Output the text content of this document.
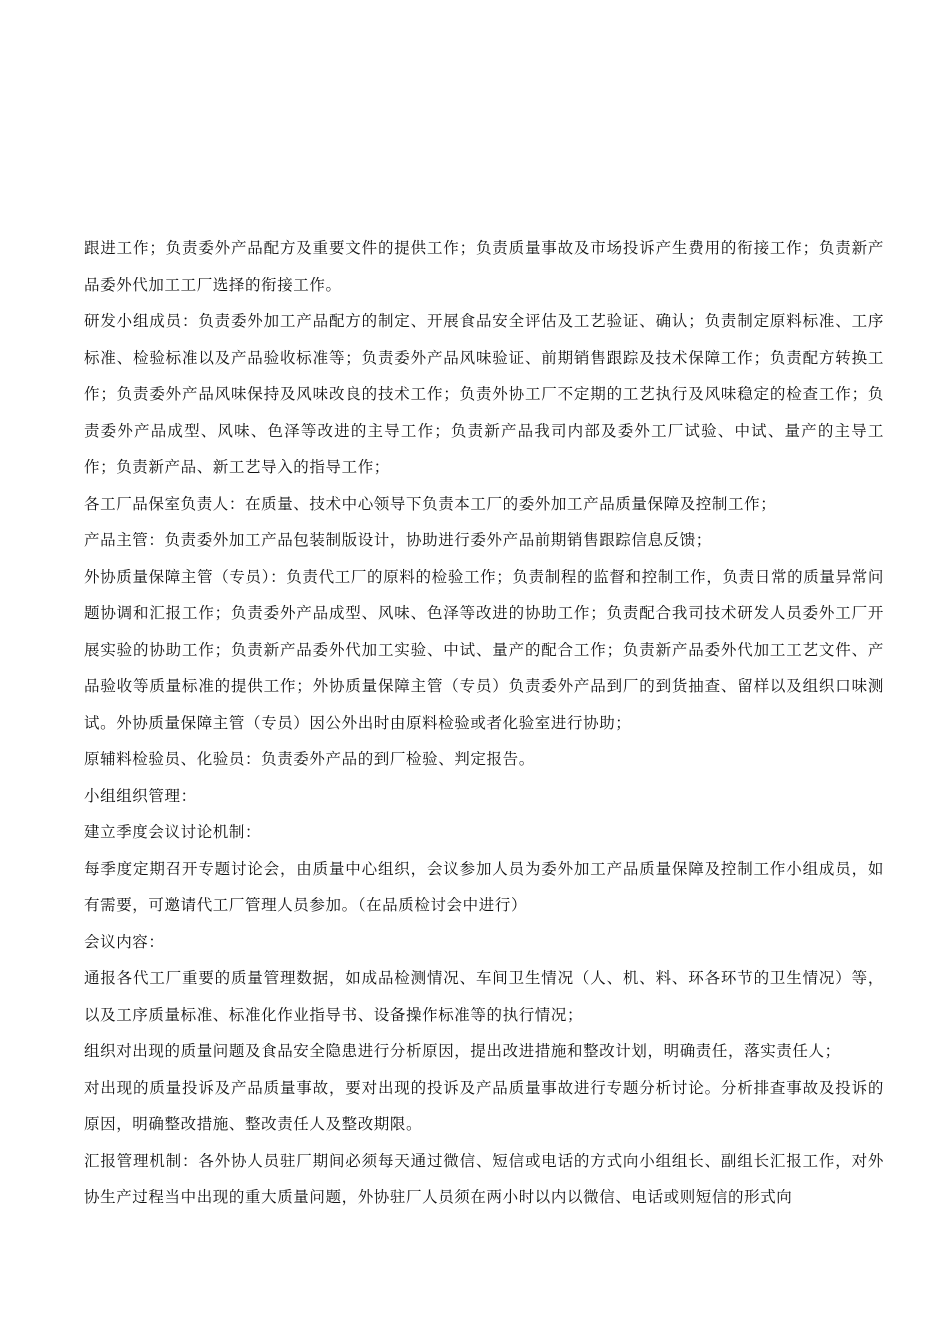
跟进工作；负责委外产品配方及重要文件的提供工作；负责质量事故及市场投诉产生费用的衔接工作；负责新产品委外代加工工厂选择的衔接工作。

研发小组成员：负责委外加工产品配方的制定、开展食品安全评估及工艺验证、确认；负责制定原料标准、工序标准、检验标准以及产品验收标准等；负责委外产品风味验证、前期销售跟踪及技术保障工作；负责配方转换工作；负责委外产品风味保持及风味改良的技术工作；负责外协工厂不定期的工艺执行及风味稳定的检查工作；负责委外产品成型、风味、色泽等改进的主导工作；负责新产品我司内部及委外工厂试验、中试、量产的主导工作；负责新产品、新工艺导入的指导工作；

各工厂品保室负责人：在质量、技术中心领导下负责本工厂的委外加工产品质量保障及控制工作；

产品主管：负责委外加工产品包装制版设计，协助进行委外产品前期销售跟踪信息反馈；

外协质量保障主管（专员）：负责代工厂的原料的检验工作；负责制程的监督和控制工作，负责日常的质量异常问题协调和汇报工作；负责委外产品成型、风味、色泽等改进的协助工作；负责配合我司技术研发人员委外工厂开展实验的协助工作；负责新产品委外代加工实验、中试、量产的配合工作；负责新产品委外代加工工艺文件、产品验收等质量标准的提供工作；外协质量保障主管（专员）负责委外产品到厂的到货抽查、留样以及组织口味测试。外协质量保障主管（专员）因公外出时由原料检验或者化验室进行协助；

原辅料检验员、化验员：负责委外产品的到厂检验、判定报告。

小组组织管理：

建立季度会议讨论机制：

每季度定期召开专题讨论会，由质量中心组织，会议参加人员为委外加工产品质量保障及控制工作小组成员，如有需要，可邀请代工厂管理人员参加。（在品质检讨会中进行）

会议内容：

通报各代工厂重要的质量管理数据，如成品检测情况、车间卫生情况（人、机、料、环各环节的卫生情况）等，以及工序质量标准、标准化作业指导书、设备操作标准等的执行情况；

组织对出现的质量问题及食品安全隐患进行分析原因，提出改进措施和整改计划，明确责任，落实责任人；

对出现的质量投诉及产品质量事故，要对出现的投诉及产品质量事故进行专题分析讨论。分析排查事故及投诉的原因，明确整改措施、整改责任人及整改期限。

汇报管理机制：各外协人员驻厂期间必须每天通过微信、短信或电话的方式向小组组长、副组长汇报工作，对外协生产过程当中出现的重大质量问题，外协驻厂人员须在两小时以内以微信、电话或则短信的形式向
